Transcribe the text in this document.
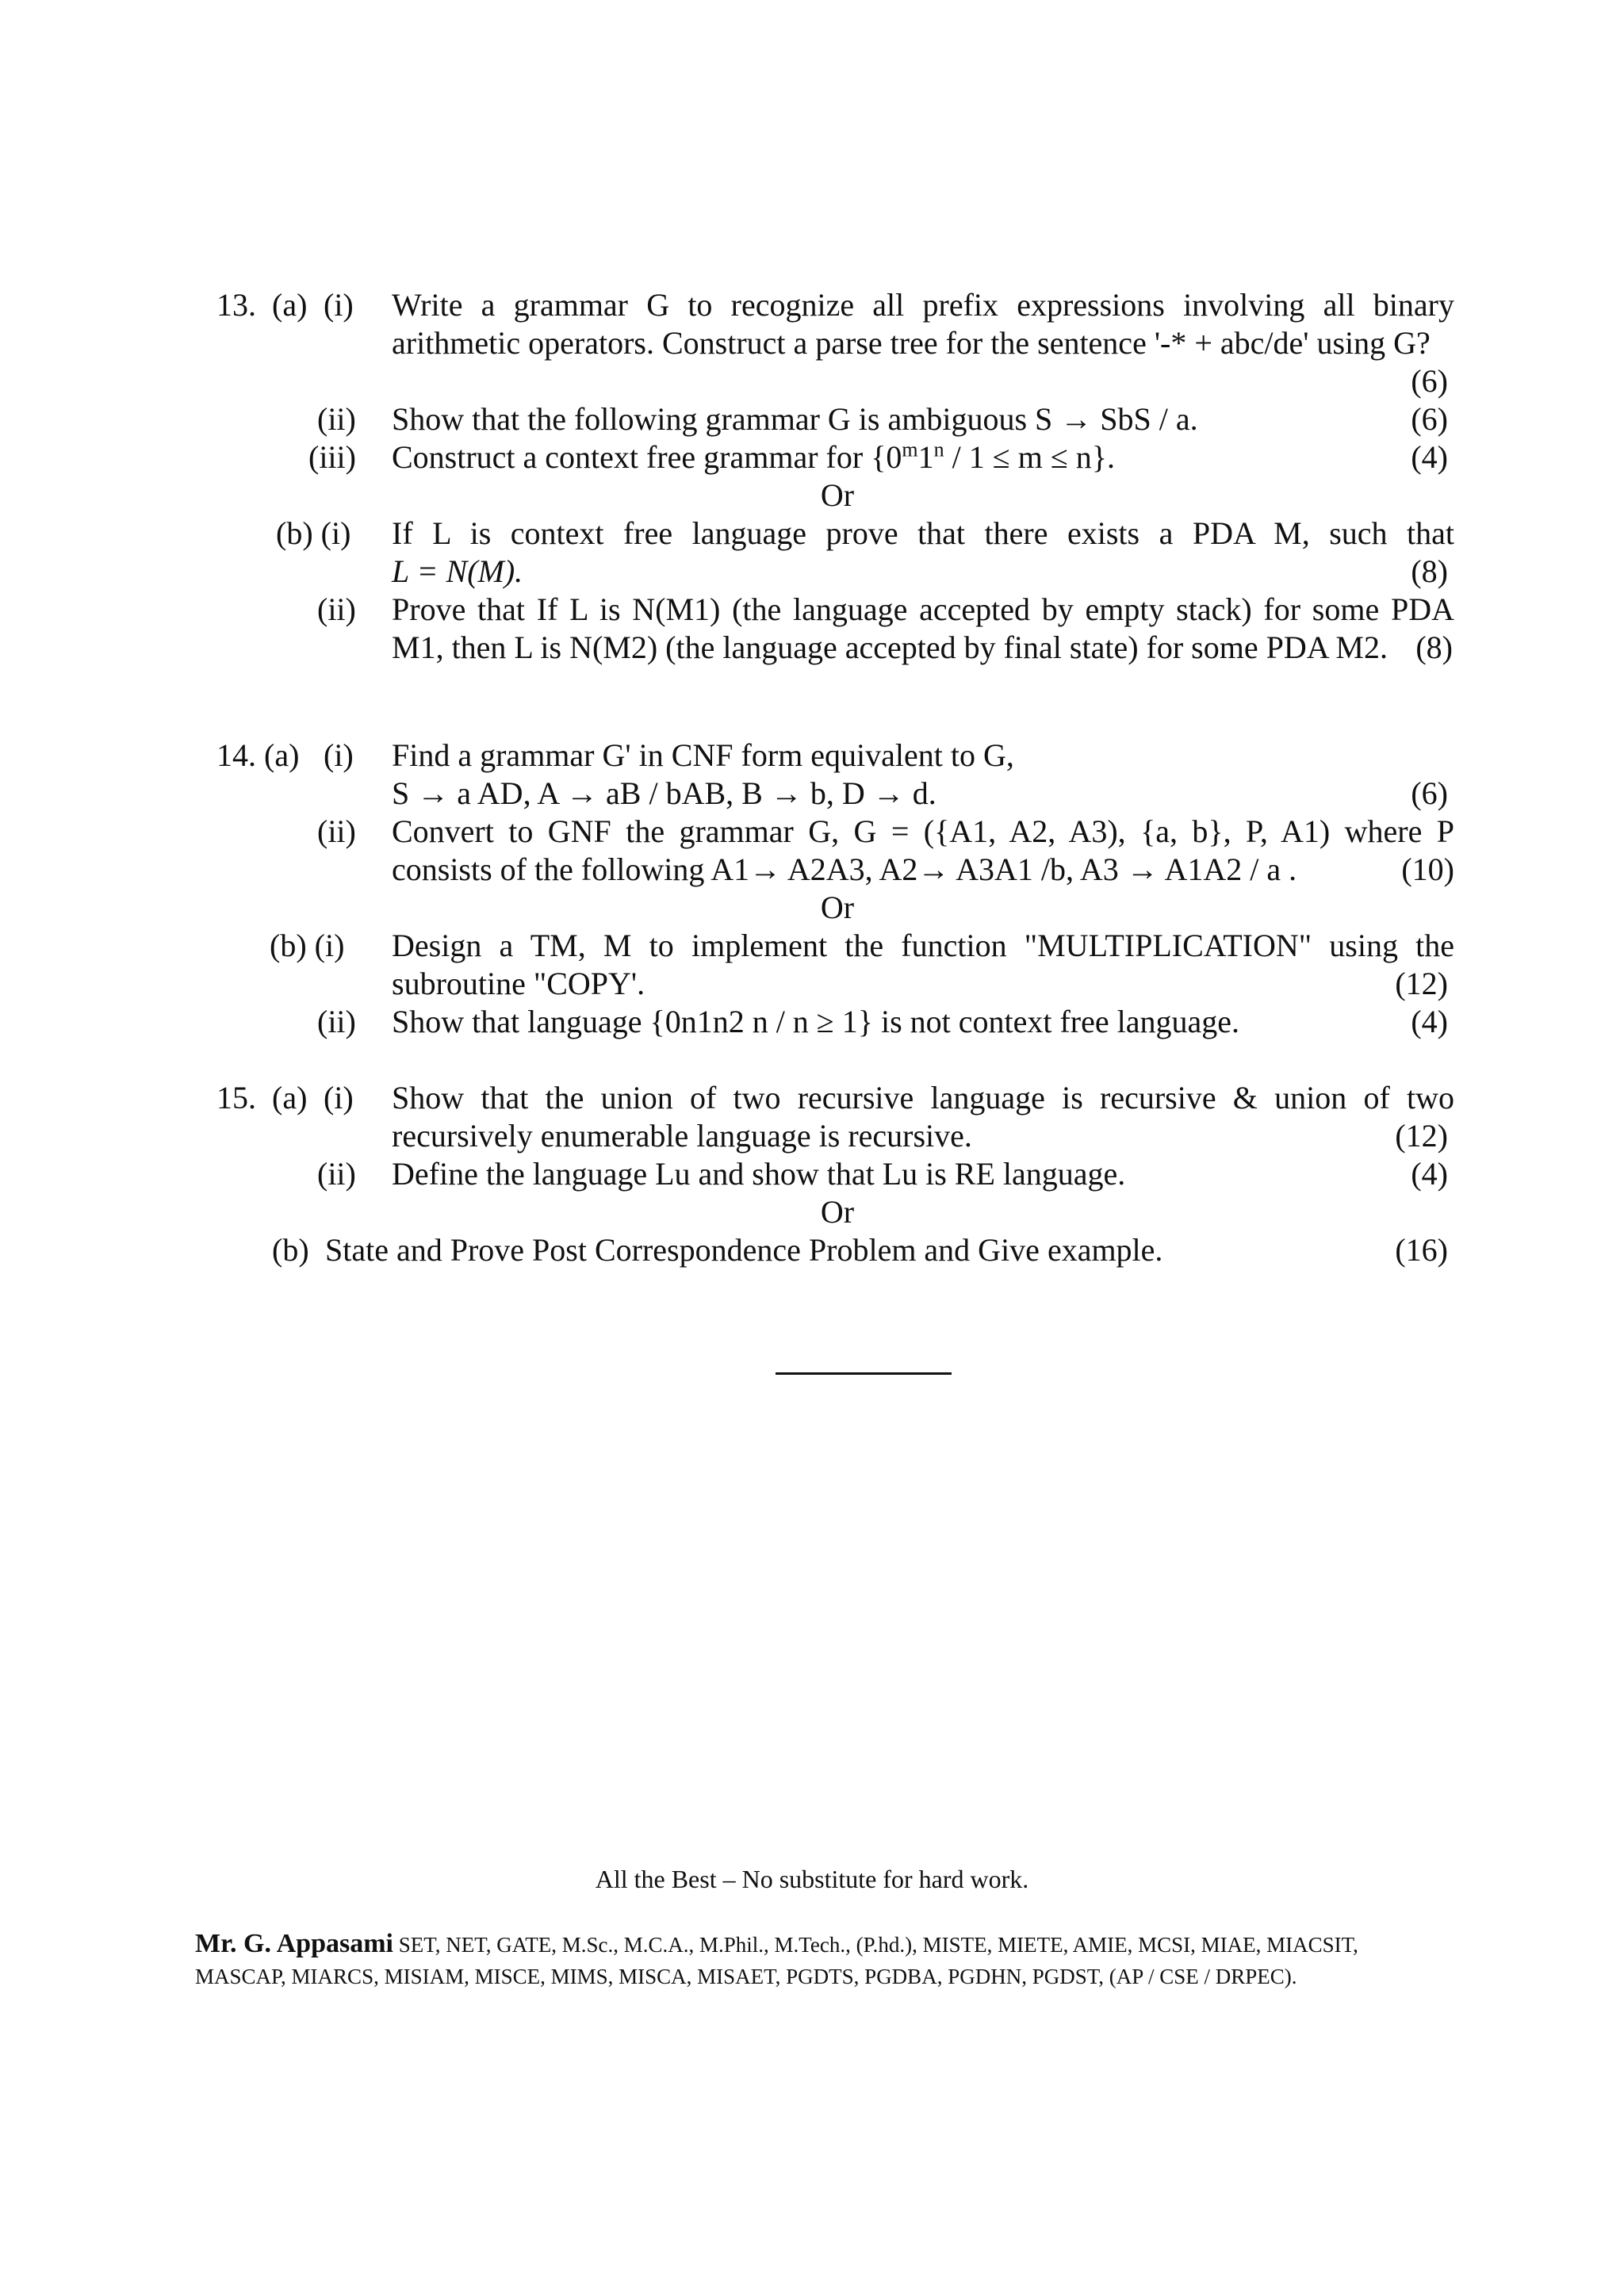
13. (a) (i) Write a grammar G to recognize all prefix expressions involving all binary
arithmetic operators. Construct a parse tree for the sentence '-* + abc/de' using G?
(6)
(ii) Show that the following grammar G is ambiguous S → SbS / a.	(6)
(iii) Construct a context free grammar for {0$^m$1$^n$ / 1 ≤ m ≤ n}.	(4)
Or
(b) (i) If L is context free language prove that there exists a PDA M, such that
L = N(M).	(8)
(ii) Prove that If L is N(M1) (the language accepted by empty stack) for some PDA
M1, then L is N(M2) (the language accepted by final state) for some PDA M2. (8)
14. (a) (i) Find a grammar G' in CNF form equivalent to G,
S → a AD, A → aB / bAB, B → b, D → d.	(6)
(ii) Convert to GNF the grammar G, G = ({A1, A2, A3), {a, b}, P, A1) where P
consists of the following A1→ A2A3, A2→ A3A1 /b, A3 → A1A2 / a .	(10)
Or
(b) (i) Design a TM, M to implement the function "MULTIPLICATION" using the
subroutine "COPY'.	(12)
(ii) Show that language {0n1n2 n / n ≥ 1} is not context free language.	(4)
15. (a) (i) Show that the union of two recursive language is recursive & union of two
recursively enumerable language is recursive.	(12)
(ii) Define the language Lu and show that Lu is RE language.	(4)
Or
(b) State and Prove Post Correspondence Problem and Give example.	(16)
All the Best – No substitute for hard work.
Mr. G. Appasami SET, NET, GATE, M.Sc., M.C.A., M.Phil., M.Tech., (P.hd.), MISTE, MIETE, AMIE, MCSI, MIAE, MIACSIT,
MASCAP, MIARCS, MISIAM, MISCE, MIMS, MISCA, MISAET, PGDTS, PGDBA, PGDHN, PGDST, (AP / CSE / DRPEC).
